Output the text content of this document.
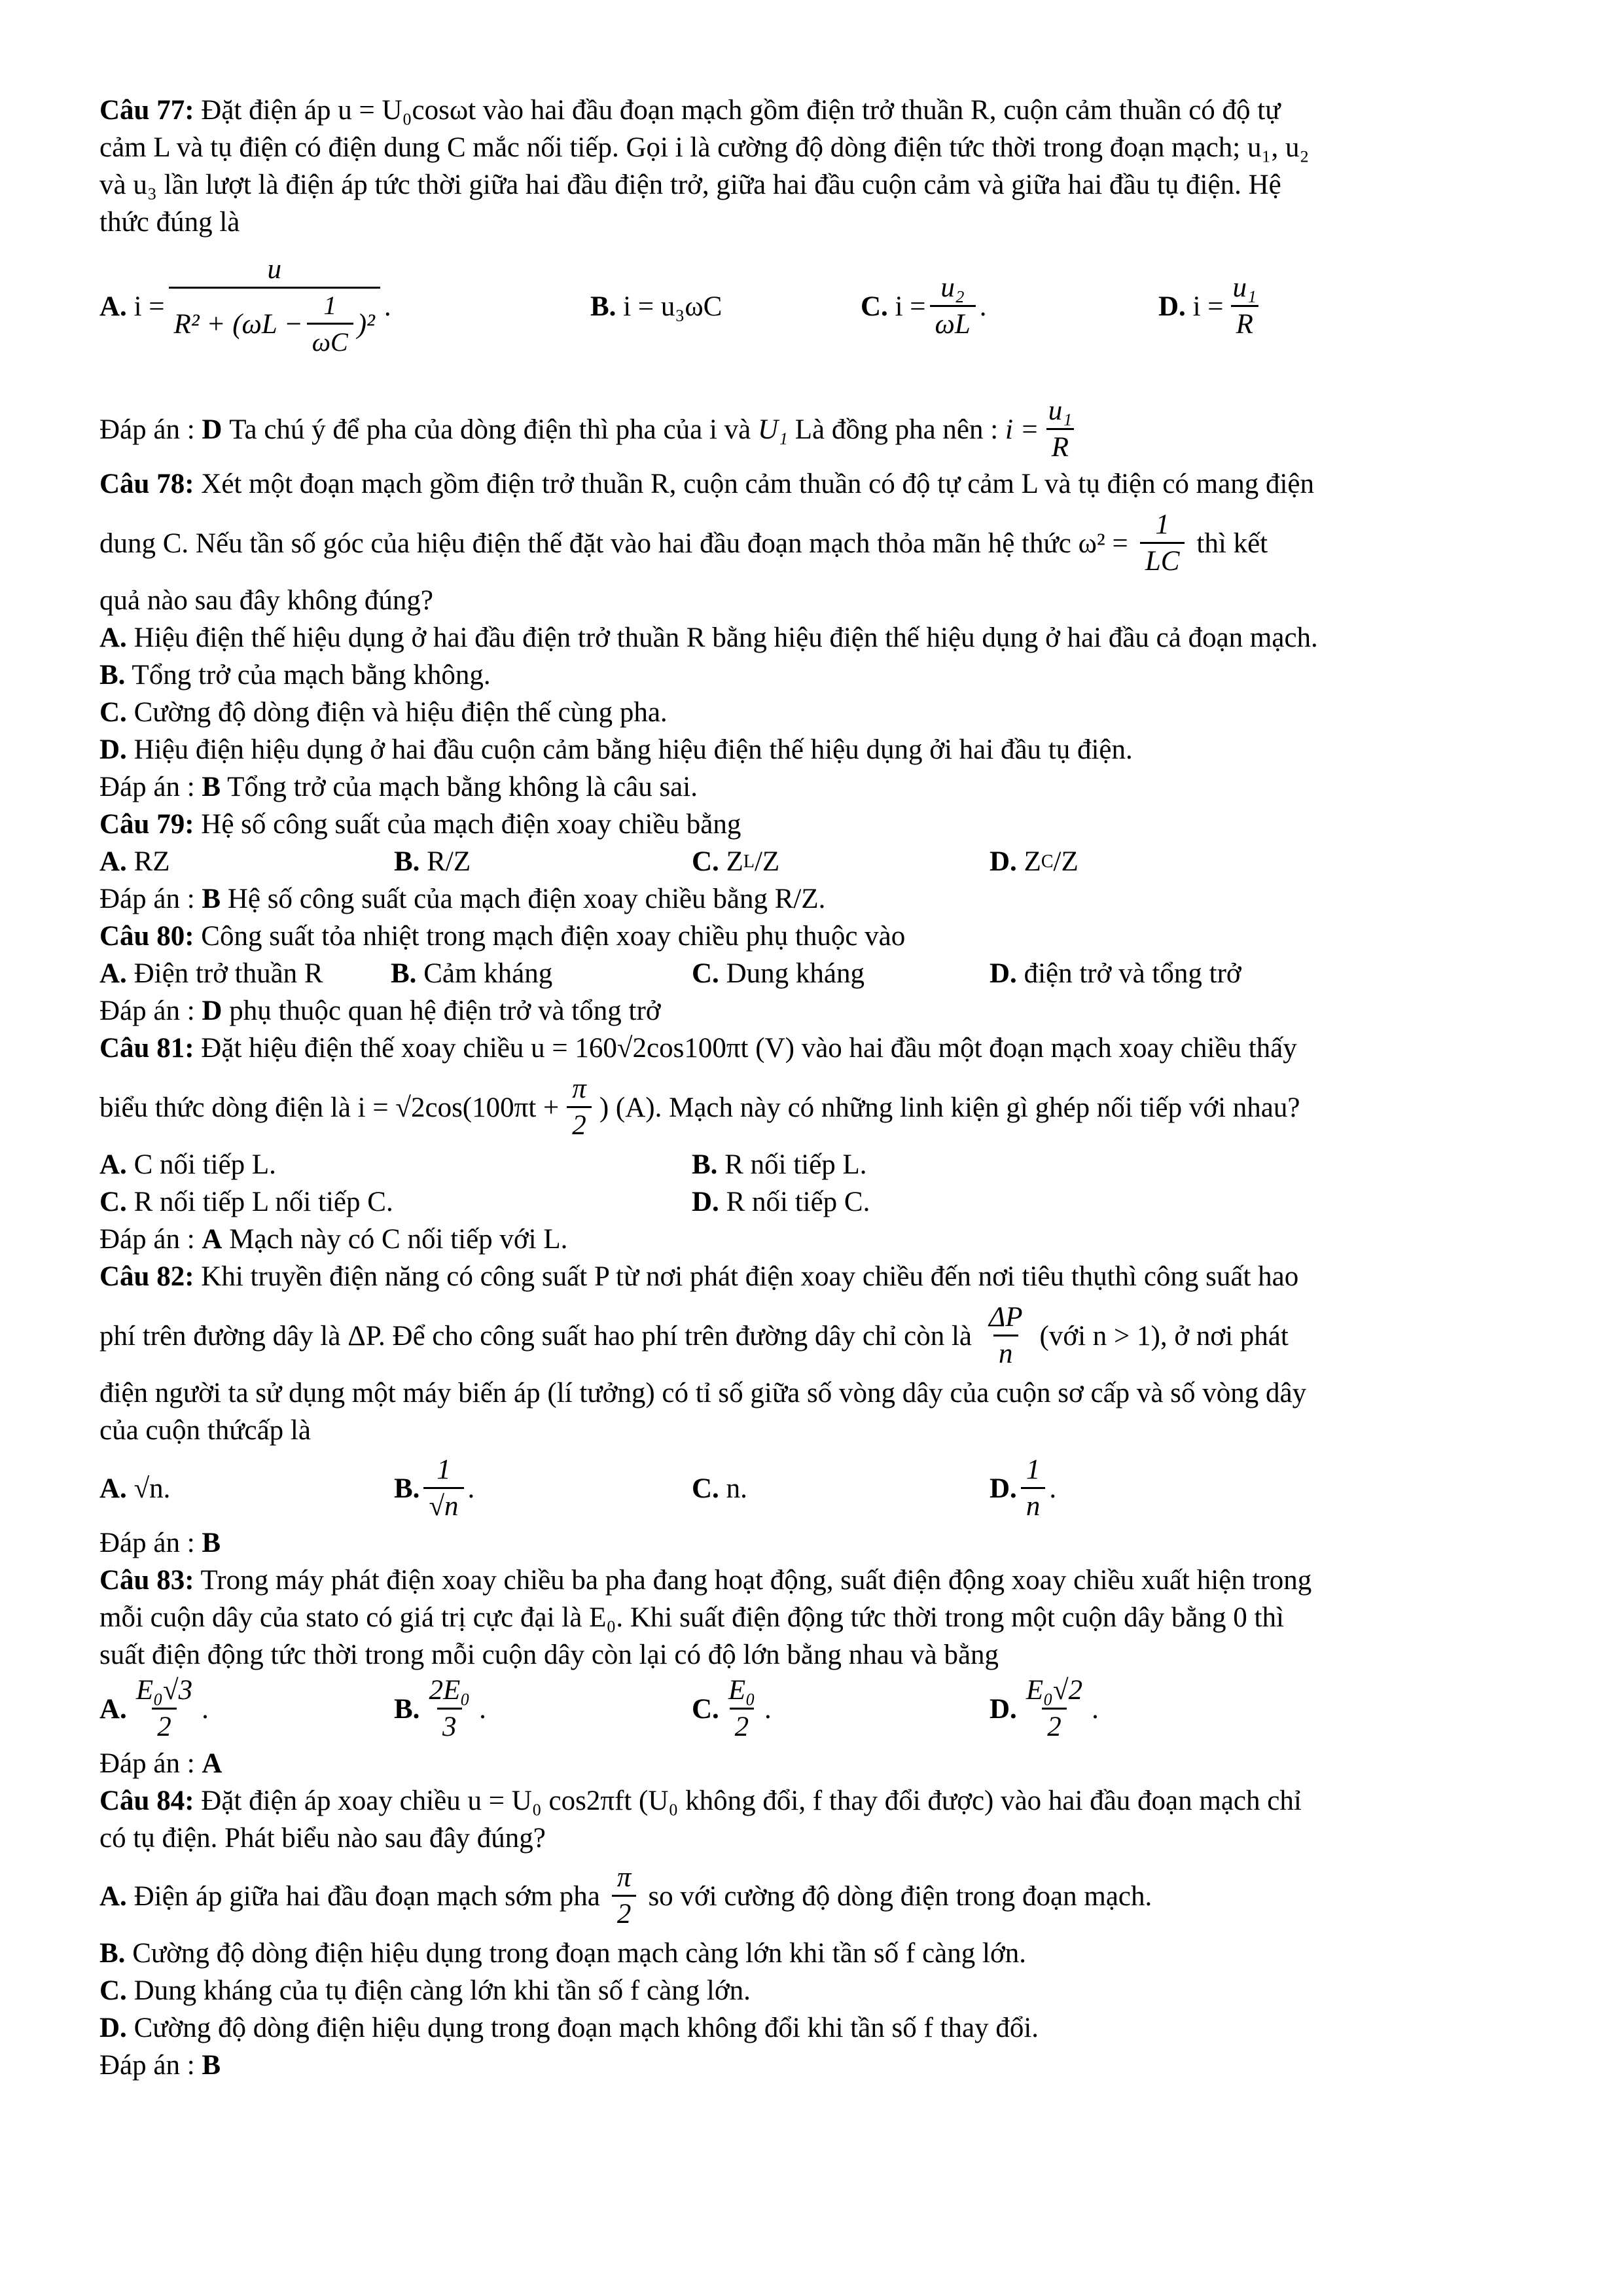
Câu 77: Đặt điện áp u = U₀cosωt vào hai đầu đoạn mạch gồm điện trở thuần R, cuộn cảm thuần có độ tự

cảm L và tụ điện có điện dung C mắc nối tiếp. Gọi i là cường độ dòng điện tức thời trong đoạn mạch; u₁, u₂

và u₃ lần lượt là điện áp tức thời giữa hai đầu điện trở, giữa hai đầu cuộn cảm và giữa hai đầu tụ điện. Hệ

thức đúng là

A.
i =
u
$R^2 + (\omega L - \frac{1}{\omega C} )^2$
.	B.
i = u₃ωC	C.
$i = \frac{\text{u₂}}{\omega L}$ .	D.
$i = \frac{\text{u₁}}{R}$
Đáp án :
D
Ta chú ý để pha của dòng điện thì pha của i và
U₁
Là đồng pha nên :
$i = \frac{\text{u₁}}{R}$

Câu 78: Xét một đoạn mạch gồm điện trở thuần R, cuộn cảm thuần có độ tự cảm L và tụ điện có mang điện

dung C. Nếu tần số góc của hiệu điện thế đặt vào hai đầu đoạn mạch thỏa mãn hệ thức $\omega^2 = \frac{1}{LC}$ thì kết

quả nào sau đây không đúng?

A. Hiệu điện thế hiệu dụng ở hai đầu điện trở thuần R bằng hiệu điện thế hiệu dụng ở hai đầu cả đoạn mạch.

B. Tổng trở của mạch bằng không.

C. Cường độ dòng điện và hiệu điện thế cùng pha.

D. Hiệu điện hiệu dụng ở hai đầu cuộn cảm bằng hiệu điện thế hiệu dụng ởi hai đầu tụ điện.

Đáp án : B Tổng trở của mạch bằng không là câu sai.

Câu 79: Hệ số công suất của mạch điện xoay chiều bằng

A.
RZ	B.
R/Z	C.
Z L /Z	D.
Z C /Z

Đáp án : B Hệ số công suất của mạch điện xoay chiều bằng R/Z.

Câu 80: Công suất tỏa nhiệt trong mạch điện xoay chiều phụ thuộc vào

A.
Điện trở thuần R B.
Cảm kháng	C.
Dung kháng	D.
điện trở và tổng trở

Đáp án : D phụ thuộc quan hệ điện trở và tổng trở

Câu 81: Đặt hiệu điện thế xoay chiều u = 160√2cos100πt (V) vào hai đầu một đoạn mạch xoay chiều thấy

biểu thức dòng điện là $i = √2\cos(100\pi t + \frac{\pi}{2}$ ) (A). Mạch này có những linh kiện gì ghép nối tiếp với nhau?
A.
C nối tiếp L.	B.
R nối tiếp L.
C.
R nối tiếp L nối tiếp C.	D.
R nối tiếp C.

Đáp án : A Mạch này có C nối tiếp với L.

Câu 82: Khi truyền điện năng có công suất P từ nơi phát điện xoay chiều đến nơi tiêu thụthì công suất hao

phí trên đường dây là ΔP. Để cho công suất hao phí trên đường dây chỉ còn là $\frac{\Delta P}{n}$ (với n > 1), ở nơi phát

điện người ta sử dụng một máy biến áp (lí tưởng) có tỉ số giữa số vòng dây của cuộn sơ cấp và số vòng dây

của cuộn thứcấp là

A.
√n.	B. $\frac{1}{√n}$ .	C.
n.	D. $\frac{1}{n}$ .

Đáp án : B

Câu 83: Trong máy phát điện xoay chiều ba pha đang hoạt động, suất điện động xoay chiều xuất hiện trong

mỗi cuộn dây của stato có giá trị cực đại là E₀. Khi suất điện động tức thời trong một cuộn dây bằng 0 thì

suất điện động tức thời trong mỗi cuộn dây còn lại có độ lớn bằng nhau và bằng

A. $\frac{\text{E₀√3}}{2}$ .	B. $\frac{\text{2E₀}}{3}$ .	C. $\frac{\text{E₀}}{2}$ .	D. $\frac{\text{E₀√2}}{2}$ .

Đáp án : A

Câu 84: Đặt điện áp xoay chiều u = U₀ cos2πft (U₀ không đổi, f thay đổi được) vào hai đầu đoạn mạch chỉ

có tụ điện. Phát biểu nào sau đây đúng?

A.
Điện áp giữa hai đầu đoạn mạch sớm pha $\frac{\pi}{2}$ so với cường độ dòng điện trong đoạn mạch.

B. Cường độ dòng điện hiệu dụng trong đoạn mạch càng lớn khi tần số f càng lớn.

C. Dung kháng của tụ điện càng lớn khi tần số f càng lớn.

D. Cường độ dòng điện hiệu dụng trong đoạn mạch không đổi khi tần số f thay đổi.

Đáp án : B
